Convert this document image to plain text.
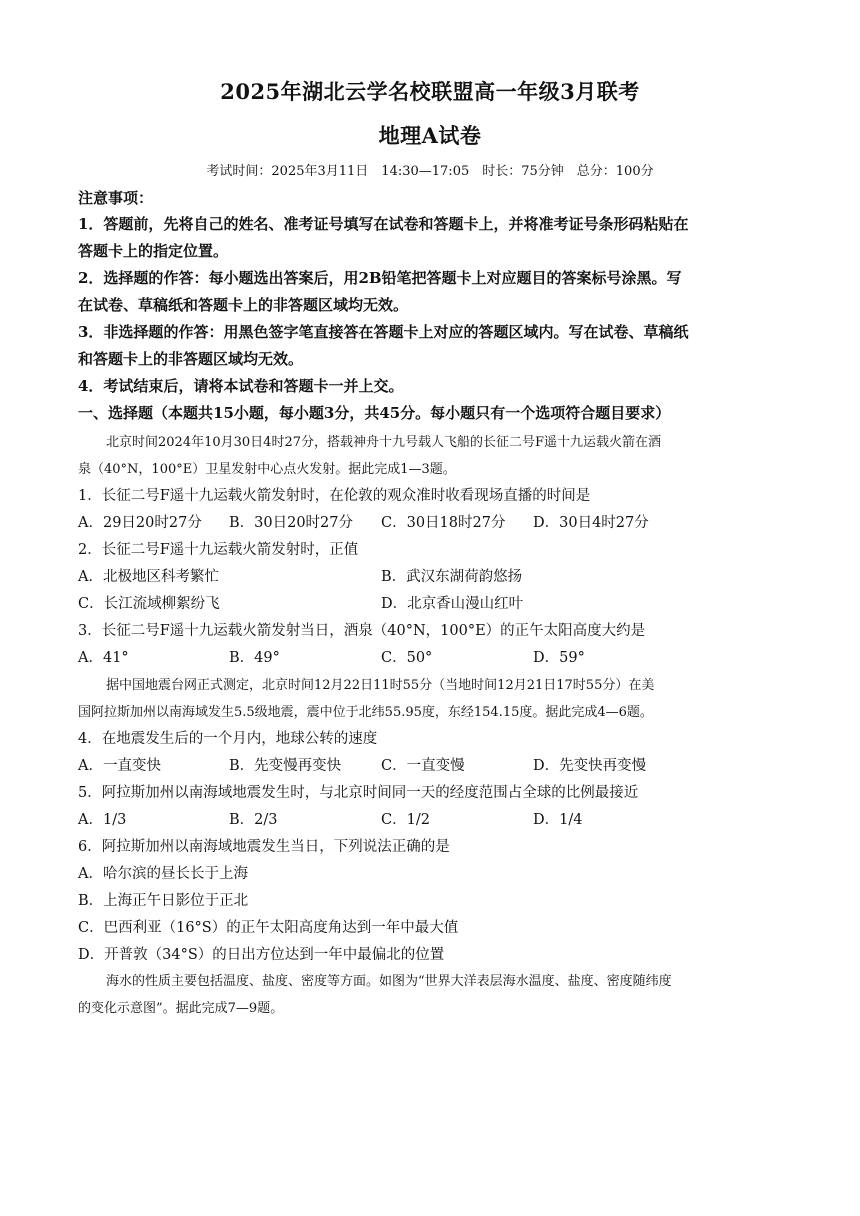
2025年湖北云学名校联盟高一年级3月联考
地理A试卷
考试时间：2025年3月11日　14:30—17:05　时长：75分钟　总分：100分
注意事项：
1．答题前，先将自己的姓名、准考证号填写在试卷和答题卡上，并将准考证号条形码粘贴在
答题卡上的指定位置。
2．选择题的作答：每小题选出答案后，用2B铅笔把答题卡上对应题目的答案标号涂黑。写
在试卷、草稿纸和答题卡上的非答题区域均无效。
3．非选择题的作答：用黑色签字笔直接答在答题卡上对应的答题区域内。写在试卷、草稿纸
和答题卡上的非答题区域均无效。
4．考试结束后，请将本试卷和答题卡一并上交。
一、选择题（本题共15小题，每小题3分，共45分。每小题只有一个选项符合题目要求）
北京时间2024年10月30日4时27分，搭载神舟十九号载人飞船的长征二号F遥十九运载火箭在酒
泉（40°N，100°E）卫星发射中心点火发射。据此完成1—3题。
1．长征二号F遥十九运载火箭发射时，在伦敦的观众准时收看现场直播的时间是
A．29日20时27分 B．30日20时27分 C．30日18时27分 D．30日4时27分
2．长征二号F遥十九运载火箭发射时，正值
A．北极地区科考繁忙	B．武汉东湖荷韵悠扬
C．长江流域柳絮纷飞	D．北京香山漫山红叶
3．长征二号F遥十九运载火箭发射当日，酒泉（40°N，100°E）的正午太阳高度大约是
A．41°	B．49°	C．50°	D．59°
据中国地震台网正式测定，北京时间12月22日11时55分（当地时间12月21日17时55分）在美
国阿拉斯加州以南海域发生5.5级地震，震中位于北纬55.95度，东经154.15度。据此完成4—6题。
4．在地震发生后的一个月内，地球公转的速度
A．一直变快	B．先变慢再变快	C．一直变慢	D．先变快再变慢
5．阿拉斯加州以南海域地震发生时，与北京时间同一天的经度范围占全球的比例最接近
A．1/3	B．2/3	C．1/2	D．1/4
6．阿拉斯加州以南海域地震发生当日，下列说法正确的是
A．哈尔滨的昼长长于上海
B．上海正午日影位于正北
C．巴西利亚（16°S）的正午太阳高度角达到一年中最大值
D．开普敦（34°S）的日出方位达到一年中最偏北的位置
海水的性质主要包括温度、盐度、密度等方面。如图为“世界大洋表层海水温度、盐度、密度随纬度
的变化示意图”。据此完成7—9题。
